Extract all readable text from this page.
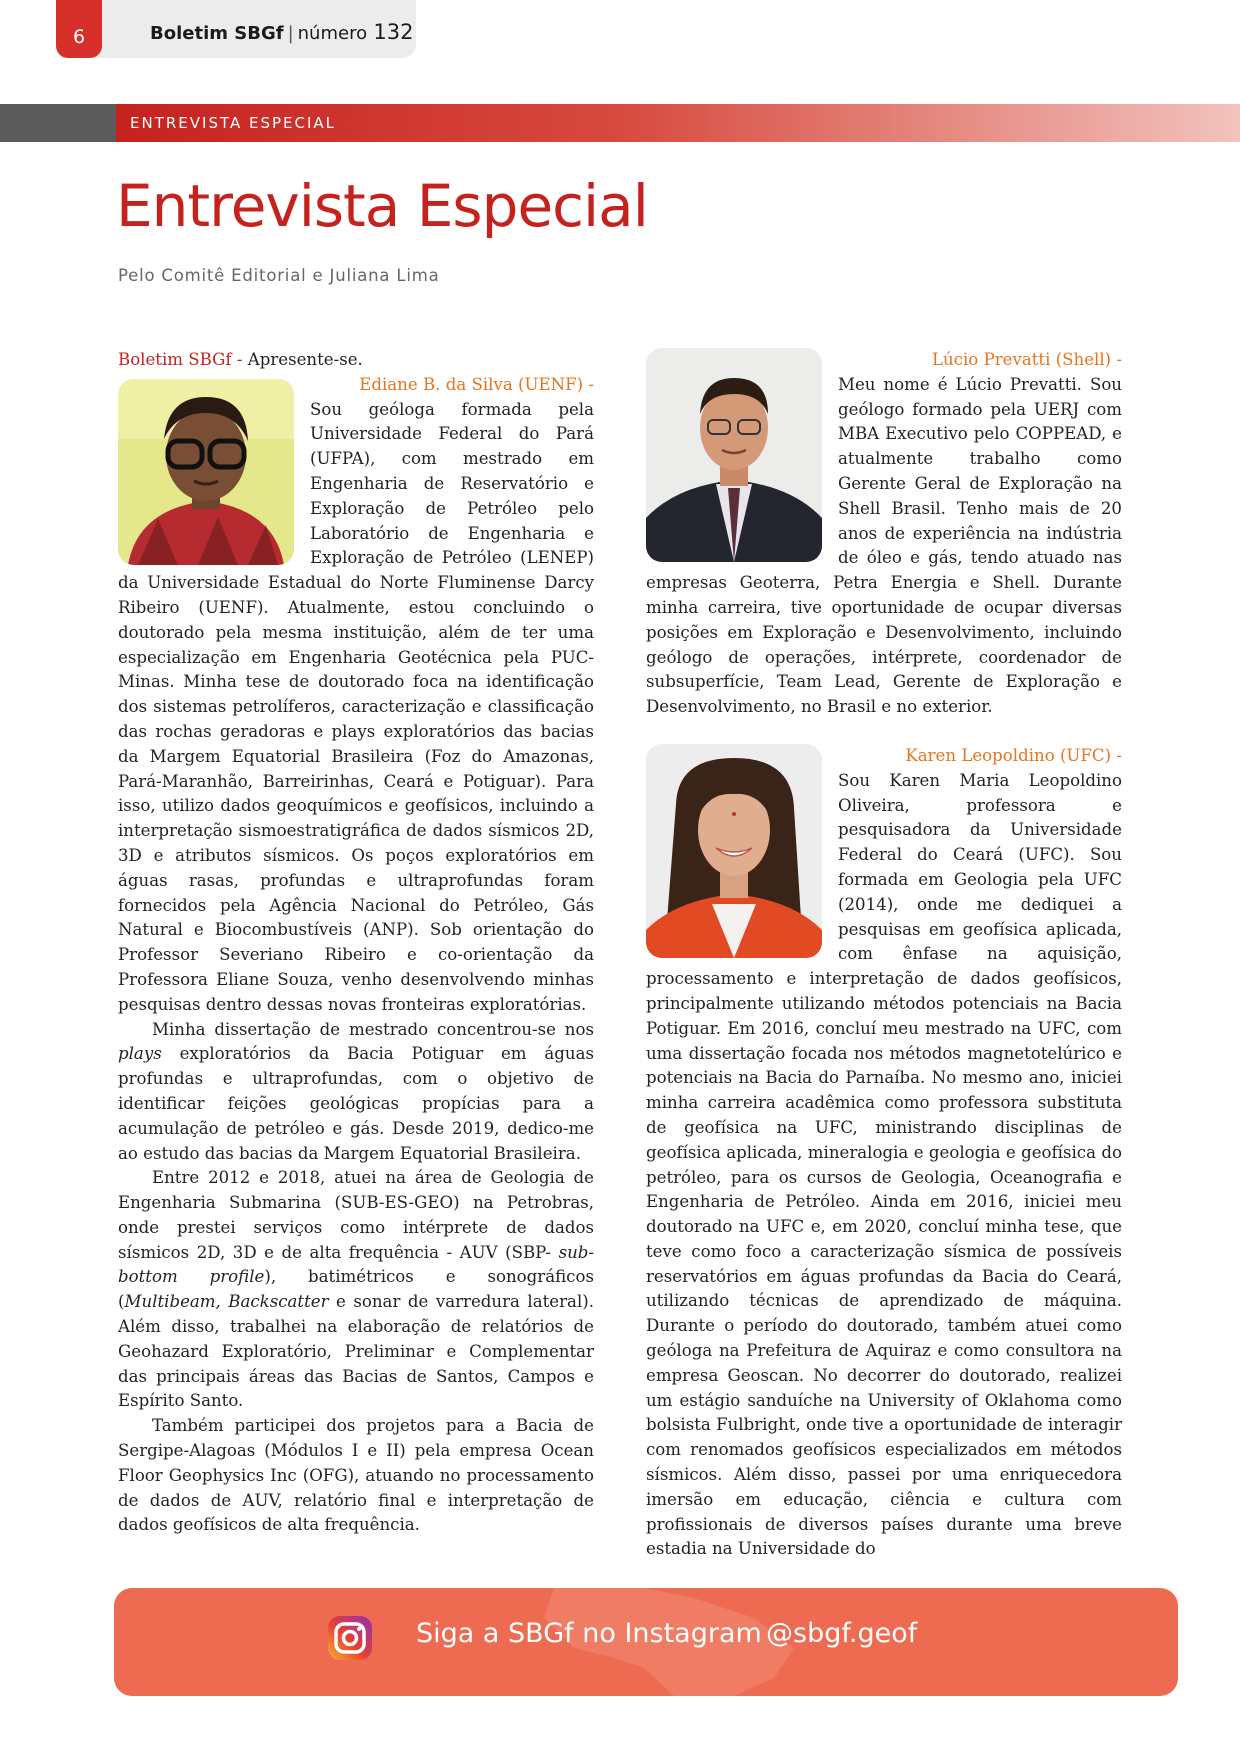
6	Boletim SBGf | número 132
ENTREVISTA ESPECIAL
Entrevista Especial
Pelo Comitê Editorial e Juliana Lima

Boletim SBGf - Apresente-se.

Ediane B. da Silva (UENF) -

Sou geóloga formada pela Universidade Federal do Pará (UFPA), com mestrado em Engenharia de Reservatório e Exploração de Petróleo pelo Laboratório de Engenharia e Exploração de Petróleo (LENEP) da Universidade Estadual do Norte Fluminense Darcy Ribeiro (UENF). Atualmente, estou concluindo o doutorado pela mesma instituição, além de ter uma especialização em Engenharia Geotécnica pela PUC-Minas. Minha tese de doutorado foca na identificação dos sistemas petrolíferos, caracterização e classificação das rochas geradoras e plays exploratórios das bacias da Margem Equatorial Brasileira (Foz do Amazonas, Pará-Maranhão, Barreirinhas, Ceará e Potiguar). Para isso, utilizo dados geoquímicos e geofísicos, incluindo a interpretação sismoestratigráfica de dados sísmicos 2D, 3D e atributos sísmicos. Os poços exploratórios em águas rasas, profundas e ultraprofundas foram fornecidos pela Agência Nacional do Petróleo, Gás Natural e Biocombustíveis (ANP). Sob orientação do Professor Severiano Ribeiro e co-orientação da Professora Eliane Souza, venho desenvolvendo minhas pesquisas dentro dessas novas fronteiras exploratórias.

Minha dissertação de mestrado concentrou-se nos plays exploratórios da Bacia Potiguar em águas profundas e ultraprofundas, com o objetivo de identificar feições geológicas propícias para a acumulação de petróleo e gás. Desde 2019, dedico-me ao estudo das bacias da Margem Equatorial Brasileira.

Entre 2012 e 2018, atuei na área de Geologia de Engenharia Submarina (SUB-ES-GEO) na Petrobras, onde prestei serviços como intérprete de dados sísmicos 2D, 3D e de alta frequência - AUV (SBP- sub-bottom profile), batimétricos e sonográficos (Multibeam, Backscatter e sonar de varredura lateral). Além disso, trabalhei na elaboração de relatórios de Geohazard Exploratório, Preliminar e Complementar das principais áreas das Bacias de Santos, Campos e Espírito Santo.

Também participei dos projetos para a Bacia de Sergipe-Alagoas (Módulos I e II) pela empresa Ocean Floor Geophysics Inc (OFG), atuando no processamento de dados de AUV, relatório final e interpretação de dados geofísicos de alta frequência.

Lúcio Prevatti (Shell) -

Meu nome é Lúcio Prevatti. Sou geólogo formado pela UERJ com MBA Executivo pelo COPPEAD, e atualmente trabalho como Gerente Geral de Exploração na Shell Brasil. Tenho mais de 20 anos de experiência na indústria de óleo e gás, tendo atuado nas empresas Geoterra, Petra Energia e Shell. Durante minha carreira, tive oportunidade de ocupar diversas posições em Exploração e Desenvolvimento, incluindo geólogo de operações, intérprete, coordenador de subsuperfície, Team Lead, Gerente de Exploração e Desenvolvimento, no Brasil e no exterior.

Karen Leopoldino (UFC) -

Sou Karen Maria Leopoldino Oliveira, professora e pesquisadora da Universidade Federal do Ceará (UFC). Sou formada em Geologia pela UFC (2014), onde me dediquei a pesquisas em geofísica aplicada, com ênfase na aquisição, processamento e interpretação de dados geofísicos, principalmente utilizando métodos potenciais na Bacia Potiguar. Em 2016, concluí meu mestrado na UFC, com uma dissertação focada nos métodos magnetotelúrico e potenciais na Bacia do Parnaíba. No mesmo ano, iniciei minha carreira acadêmica como professora substituta de geofísica na UFC, ministrando disciplinas de geofísica aplicada, mineralogia e geologia e geofísica do petróleo, para os cursos de Geologia, Oceanografia e Engenharia de Petróleo. Ainda em 2016, iniciei meu doutorado na UFC e, em 2020, concluí minha tese, que teve como foco a caracterização sísmica de possíveis reservatórios em águas profundas da Bacia do Ceará, utilizando técnicas de aprendizado de máquina. Durante o período do doutorado, também atuei como geóloga na Prefeitura de Aquiraz e como consultora na empresa Geoscan. No decorrer do doutorado, realizei um estágio sanduíche na University of Oklahoma como bolsista Fulbright, onde tive a oportunidade de interagir com renomados geofísicos especializados em métodos sísmicos. Além disso, passei por uma enriquecedora imersão em educação, ciência e cultura com profissionais de diversos países durante uma breve estadia na Universidade do

Siga a SBGf no Instagram @sbgf.geof
